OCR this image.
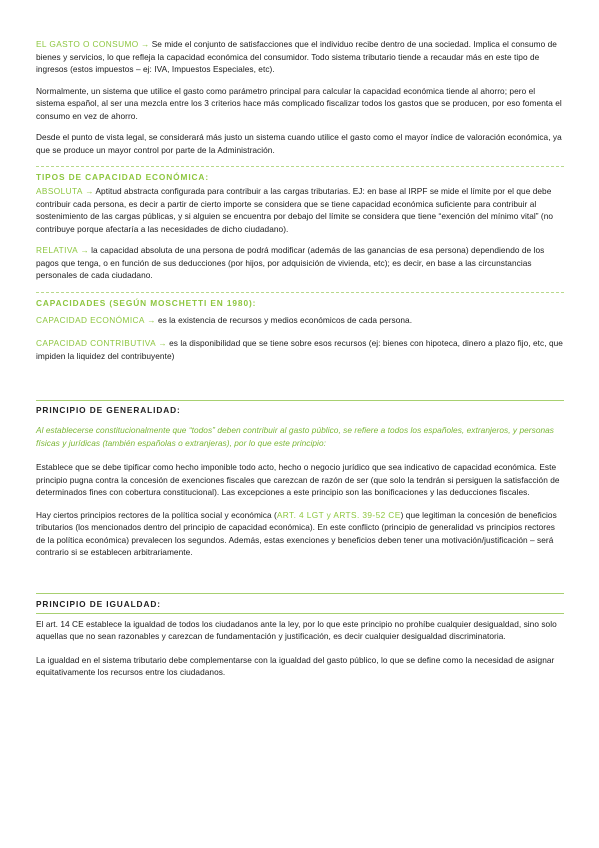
EL GASTO O CONSUMO → Se mide el conjunto de satisfacciones que el individuo recibe dentro de una sociedad. Implica el consumo de bienes y servicios, lo que refleja la capacidad económica del consumidor. Todo sistema tributario tiende a recaudar más en este tipo de ingresos (estos impuestos – ej: IVA, Impuestos Especiales, etc).

Normalmente, un sistema que utilice el gasto como parámetro principal para calcular la capacidad económica tiende al ahorro; pero el sistema español, al ser una mezcla entre los 3 criterios hace más complicado fiscalizar todos los gastos que se producen, por eso fomenta el consumo en vez de ahorro.

Desde el punto de vista legal, se considerará más justo un sistema cuando utilice el gasto como el mayor índice de valoración económica, ya que se produce un mayor control por parte de la Administración.

TIPOS DE CAPACIDAD ECONÓMICA:

ABSOLUTA → Aptitud abstracta configurada para contribuir a las cargas tributarias. EJ: en base al IRPF se mide el límite por el que debe contribuir cada persona, es decir a partir de cierto importe se considera que se tiene capacidad económica suficiente para contribuir al sostenimiento de las cargas públicas, y si alguien se encuentra por debajo del límite se considera que tiene “exención del mínimo vital” (no contribuye porque afectaría a las necesidades de dicho ciudadano).

RELATIVA → la capacidad absoluta de una persona de podrá modificar (además de las ganancias de esa persona) dependiendo de los pagos que tenga, o en función de sus deducciones (por hijos, por adquisición de vivienda, etc); es decir, en base a las circunstancias personales de cada ciudadano.

CAPACIDADES (SEGÚN MOSCHETTI EN 1980):

CAPACIDAD ECONÓMICA → es la existencia de recursos y medios económicos de cada persona.

CAPACIDAD CONTRIBUTIVA → es la disponibilidad que se tiene sobre esos recursos (ej: bienes con hipoteca, dinero a plazo fijo, etc, que impiden la liquidez del contribuyente)

PRINCIPIO DE GENERALIDAD:

Al establecerse constitucionalmente que “todos” deben contribuir al gasto público, se refiere a todos los españoles, extranjeros, y personas físicas y jurídicas (también españolas o extranjeras), por lo que este principio:

Establece que se debe tipificar como hecho imponible todo acto, hecho o negocio jurídico que sea indicativo de capacidad económica. Este principio pugna contra la concesión de exenciones fiscales que carezcan de razón de ser (que solo la tendrán si persiguen la satisfacción de determinados fines con cobertura constitucional). Las excepciones a este principio son las bonificaciones y las deducciones fiscales.

Hay ciertos principios rectores de la política social y económica (ART. 4 LGT y ARTS. 39-52 CE) que legitiman la concesión de beneficios tributarios (los mencionados dentro del principio de capacidad económica). En este conflicto (principio de generalidad vs principios rectores de la política económica) prevalecen los segundos. Además, estas exenciones y beneficios deben tener una motivación/justificación – será contrario si se establecen arbitrariamente.

PRINCIPIO DE IGUALDAD:

El art. 14 CE establece la igualdad de todos los ciudadanos ante la ley, por lo que este principio no prohíbe cualquier desigualdad, sino solo aquellas que no sean razonables y carezcan de fundamentación y justificación, es decir cualquier desigualdad discriminatoria.

La igualdad en el sistema tributario debe complementarse con la igualdad del gasto público, lo que se define como la necesidad de asignar equitativamente los recursos entre los ciudadanos.
